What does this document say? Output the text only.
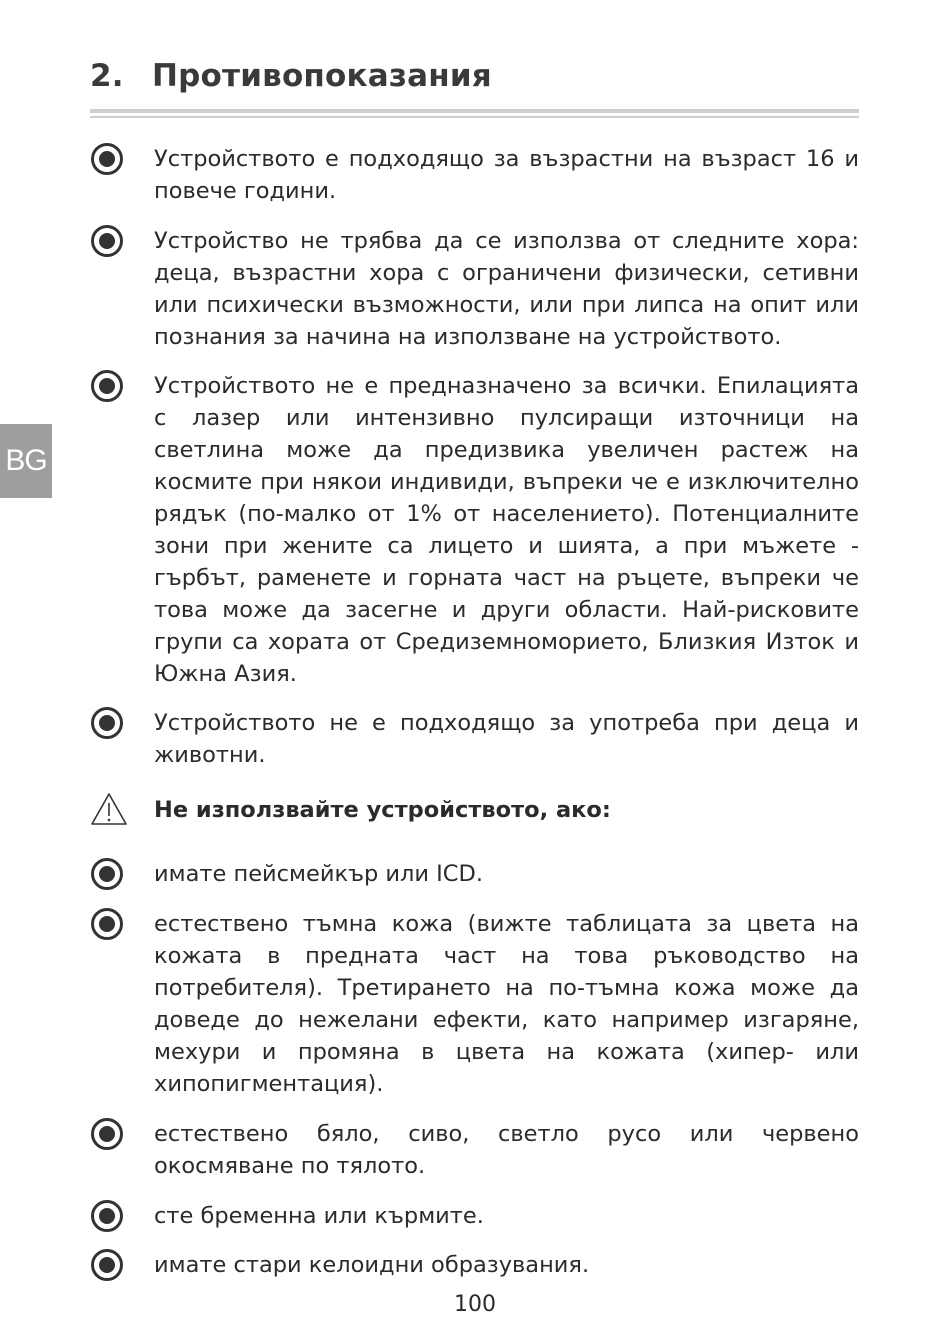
2. Противопоказания
BG
Устройството е подходящо за възрастни на възраст 16 и повече години.
Устройство не трябва да се използва от следните хора: деца, възрастни хора с ограничени физически, сетивни или психически възможности, или при липса на опит или познания за начина на използване на устройството.
Устройството не е предназначено за всички. Епилацията с лазер или интензивно пулсиращи източници на светлина може да предизвика увеличен растеж на космите при някои индивиди, въпреки че е изключително рядък (по-малко от 1% от населението). Потенциалните зони при жените са лицето и шията, а при мъжете - гърбът, раменете и горната част на ръцете, въпреки че това може да засегне и други области. Най-рисковите групи са хората от Средиземноморието, Близкия Изток и Южна Азия.
Устройството не е подходящо за употреба при деца и животни.
Не използвайте устройството, ако:
имате пейсмейкър или ICD.
естествено тъмна кожа (вижте таблицата за цвета на кожата в предната част на това ръководство на потребителя). Третирането на по-тъмна кожа може да доведе до нежелани ефекти, като например изгаряне, мехури и промяна в цвета на кожата (хипер- или хипопигментация).
естествено бяло, сиво, светло русо или червено окосмяване по тялото.
сте бременна или кърмите.
имате стари келоидни образувания.
100
